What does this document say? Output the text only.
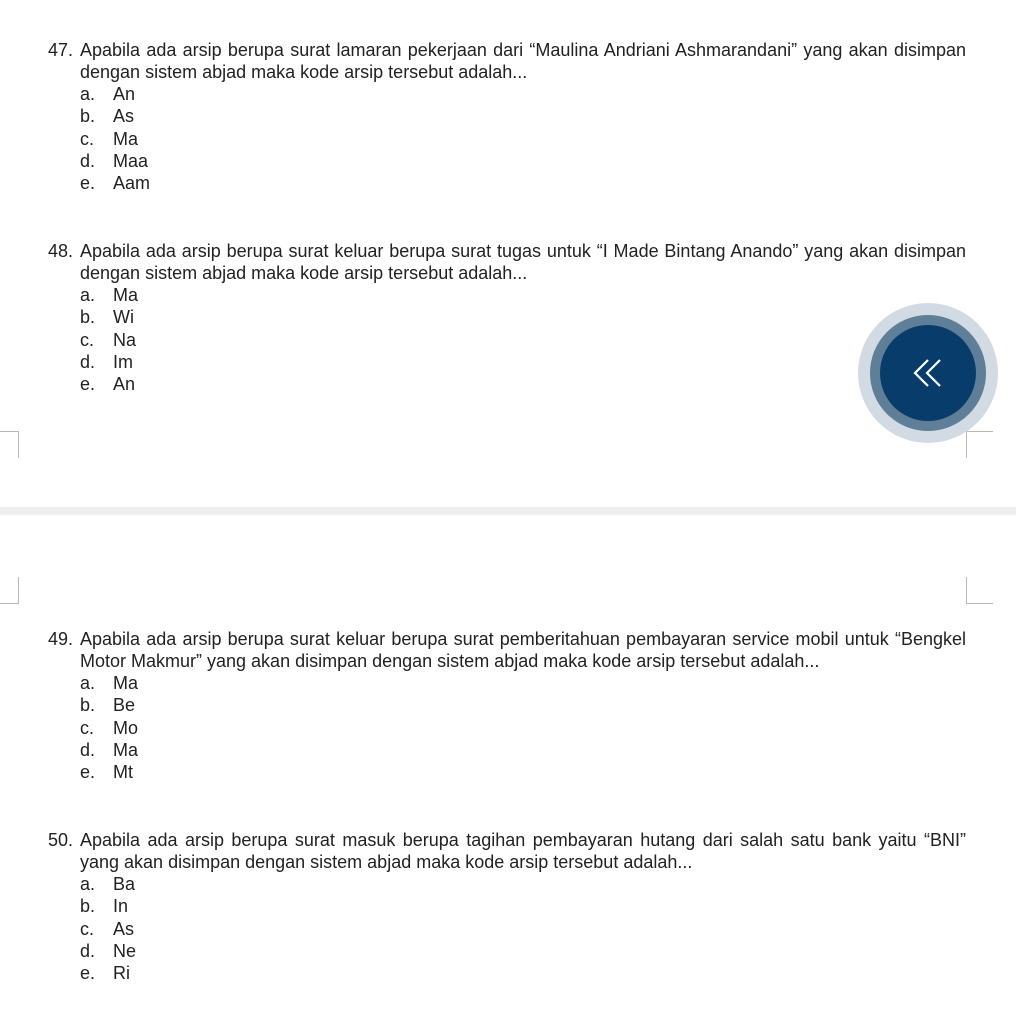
47. Apabila ada arsip berupa surat lamaran pekerjaan dari “Maulina Andriani Ashmarandani” yang akan disimpan dengan sistem abjad maka kode arsip tersebut adalah...
a. An
b. As
c.	Ma
d. Maa
e. Aam
48. Apabila ada arsip berupa surat keluar berupa surat tugas untuk “I Made Bintang Anando” yang akan disimpan dengan sistem abjad maka kode arsip tersebut adalah...
a. Ma
b. Wi
c.	Na
d. Im
e. An
49. Apabila ada arsip berupa surat keluar berupa surat pemberitahuan pembayaran service mobil untuk “Bengkel Motor Makmur” yang akan disimpan dengan sistem abjad maka kode arsip tersebut adalah...
a. Ma
b. Be
c.	Mo
d. Ma
e. Mt
50. Apabila ada arsip berupa surat masuk berupa tagihan pembayaran hutang dari salah satu bank yaitu “BNI” yang akan disimpan dengan sistem abjad maka kode arsip tersebut adalah...
a. Ba
b. In
c.	As
d. Ne
e. Ri
